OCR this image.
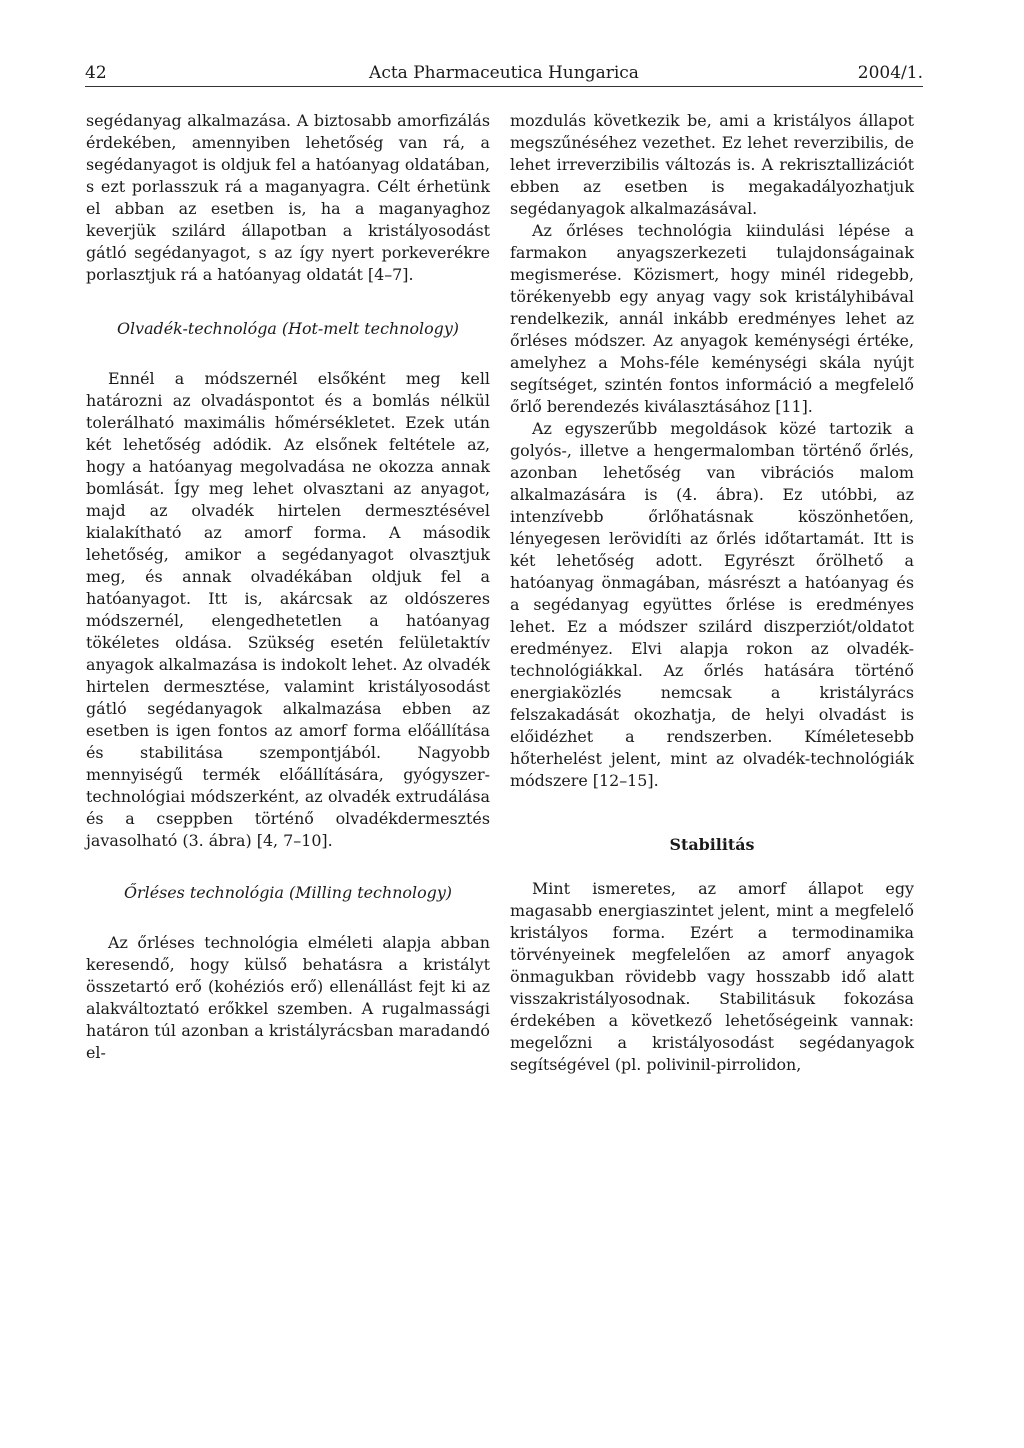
42	Acta Pharmaceutica Hungarica	2004/1.

segédanyag alkalmazása. A biztosabb amorfizálás érdekében, amennyiben lehetőség van rá, a segédanyagot is oldjuk fel a hatóanyag oldatában, s ezt porlasszuk rá a maganyagra. Célt érhetünk el abban az esetben is, ha a maganyaghoz keverjük szilárd állapotban a kristályosodást gátló segédanyagot, s az így nyert porkeverékre porlasztjuk rá a hatóanyag oldatát [4–7].

Olvadék-technológa (Hot-melt technology)

Ennél a módszernél elsőként meg kell határozni az olvadáspontot és a bomlás nélkül tolerálható maximális hőmérsékletet. Ezek után két lehetőség adódik. Az elsőnek feltétele az, hogy a hatóanyag megolvadása ne okozza annak bomlását. Így meg lehet olvasztani az anyagot, majd az olvadék hirtelen dermesztésével kialakítható az amorf forma. A második lehetőség, amikor a segédanyagot olvasztjuk meg, és annak olvadékában oldjuk fel a hatóanyagot. Itt is, akárcsak az oldószeres módszernél, elengedhetetlen a hatóanyag tökéletes oldása. Szükség esetén felületaktív anyagok alkalmazása is indokolt lehet. Az olvadék hirtelen dermesztése, valamint kristályosodást gátló segédanyagok alkalmazása ebben az esetben is igen fontos az amorf forma előállítása és stabilitása szempontjából. Nagyobb mennyiségű termék előállítására, gyógyszer-technológiai módszerként, az olvadék extrudálása és a cseppben történő olvadékdermesztés javasolható (3. ábra) [4, 7–10].

Őrléses technológia (Milling technology)

Az őrléses technológia elméleti alapja abban keresendő, hogy külső behatásra a kristályt összetartó erő (kohéziós erő) ellenállást fejt ki az alakváltoztató erőkkel szemben. A rugalmassági határon túl azonban a kristályrácsban maradandó el-

mozdulás következik be, ami a kristályos állapot megszűnéséhez vezethet. Ez lehet reverzibilis, de lehet irreverzibilis változás is. A rekrisztallizációt ebben az esetben is megakadályozhatjuk segédanyagok alkalmazásával.

Az őrléses technológia kiindulási lépése a farmakon anyagszerkezeti tulajdonságainak megismerése. Közismert, hogy minél ridegebb, törékenyebb egy anyag vagy sok kristályhibával rendelkezik, annál inkább eredményes lehet az őrléses módszer. Az anyagok keménységi értéke, amelyhez a Mohs-féle keménységi skála nyújt segítséget, szintén fontos információ a megfelelő őrlő berendezés kiválasztásához [11].

Az egyszerűbb megoldások közé tartozik a golyós-, illetve a hengermalomban történő őrlés, azonban lehetőség van vibrációs malom alkalmazására is (4. ábra). Ez utóbbi, az intenzívebb őrlőhatásnak köszönhetően, lényegesen lerövidíti az őrlés időtartamát. Itt is két lehetőség adott. Egyrészt őrölhető a hatóanyag önmagában, másrészt a hatóanyag és a segédanyag együttes őrlése is eredményes lehet. Ez a módszer szilárd diszperziót/oldatot eredményez. Elvi alapja rokon az olvadék-technológiákkal. Az őrlés hatására történő energiaközlés nemcsak a kristályrács felszakadását okozhatja, de helyi olvadást is előidézhet a rendszerben. Kíméletesebb hőterhelést jelent, mint az olvadék-technológiák módszere [12–15].

Stabilitás

Mint ismeretes, az amorf állapot egy magasabb energiaszintet jelent, mint a megfelelő kristályos forma. Ezért a termodinamika törvényeinek megfelelően az amorf anyagok önmagukban rövidebb vagy hosszabb idő alatt visszakristályosodnak. Stabilitásuk fokozása érdekében a következő lehetőségeink vannak: megelőzni a kristályosodást segédanyagok segítségével (pl. polivinil-pirrolidon,
